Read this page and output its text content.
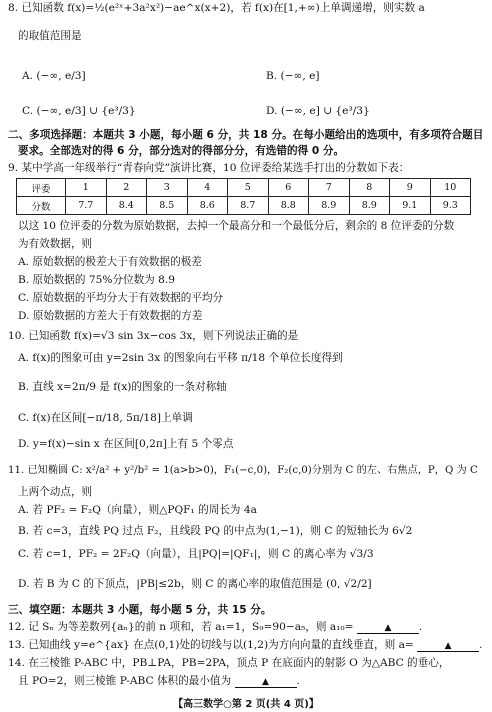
8. 已知函数 f(x)=½(e²ˣ+3a²x²)−ae^x(x+2)，若 f(x)在[1,+∞)上单调递增，则实数 a
的取值范围是
A. (−∞, e/3]	B. (−∞, e]
C. (−∞, e/3] ∪ {e³/3}	D. (−∞, e] ∪ {e³/3}
二、多项选择题：本题共 3 小题，每小题 6 分，共 18 分。在每小题给出的选项中，有多项符合题目
要求。全部选对的得 6 分，部分选对的得部分分，有选错的得 0 分。
9. 某中学高一年级举行“青春向党”演讲比赛，10 位评委给某选手打出的分数如下表：
评委	1	2	3	4	5	6	7	8	9	10
分数	7.7	8.4	8.5	8.6	8.7	8.8	8.9	8.9	9.1	9.3
以这 10 位评委的分数为原始数据，去掉一个最高分和一个最低分后，剩余的 8 位评委的分数
为有效数据，则
A. 原始数据的极差大于有效数据的极差
B. 原始数据的 75%分位数为 8.9
C. 原始数据的平均分大于有效数据的平均分
D. 原始数据的方差大于有效数据的方差
10. 已知函数 f(x)=√3 sin 3x−cos 3x，则下列说法正确的是
A. f(x)的图象可由 y=2sin 3x 的图象向右平移 π/18 个单位长度得到
B. 直线 x=2π/9 是 f(x)的图象的一条对称轴
C. f(x)在区间[−π/18, 5π/18]上单调
D. y=f(x)−sin x 在区间[0,2π]上有 5 个零点
11. 已知椭圆 C: x²/a² + y²/b² = 1(a>b>0)，F₁(−c,0)，F₂(c,0)分别为 C 的左、右焦点，P，Q 为 C
上两个动点，则
A. 若 PF₂ = F₂Q（向量），则△PQF₁ 的周长为 4a
B. 若 c=3，直线 PQ 过点 F₂，且线段 PQ 的中点为(1,−1)，则 C 的短轴长为 6√2
C. 若 c=1，PF₂ = 2F₂Q（向量），且|PQ|=|QF₁|，则 C 的离心率为 √3/3
D. 若 B 为 C 的下顶点，|PB|≤2b，则 C 的离心率的取值范围是 (0, √2/2]
三、填空题：本题共 3 小题，每小题 5 分，共 15 分。
12. 记 Sₙ 为等差数列{aₙ}的前 n 项和，若 a₁=1，S₉=90−a₅，则 a₁₀=	▲	.
13. 已知曲线 y=e^{ax} 在点(0,1)处的切线与以(1,2)为方向向量的直线垂直，则 a=	▲	.
14. 在三棱锥 P-ABC 中，PB⊥PA，PB=2PA，顶点 P 在底面内的射影 O 为△ABC 的垂心，
且 PO=2，则三棱锥 P-ABC 体积的最小值为	▲	.
【高三数学○第 2 页(共 4 页)】
